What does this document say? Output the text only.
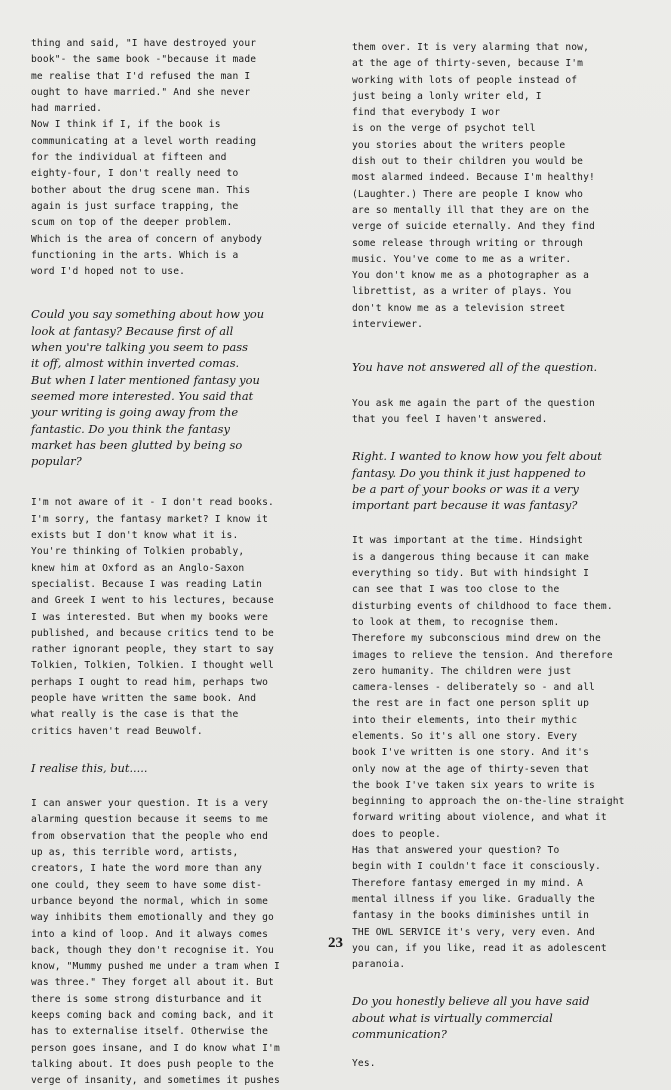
thing and said, "I have destroyed your
book"- the same book -"because it made
me realise that I'd refused the man I
ought to have married." And she never
had married.
Now I think if I, if the book is
communicating at a level worth reading
for the individual at fifteen and
eighty-four, I don't really need to
bother about the drug scene man. This
again is just surface trapping, the
scum on top of the deeper problem.
Which is the area of concern of anybody
functioning in the arts. Which is a
word I'd hoped not to use.

Could you say something about how you
look at fantasy? Because first of all
when you're talking you seem to pass
it off, almost within inverted comas.
But when I later mentioned fantasy you
seemed more interested. You said that
your writing is going away from the
fantastic. Do you think the fantasy
market has been glutted by being so
popular?

I'm not aware of it - I don't read books.
I'm sorry, the fantasy market? I know it
exists but I don't know what it is.
You're thinking of Tolkien probably,
knew him at Oxford as an Anglo-Saxon
specialist. Because I was reading Latin
and Greek I went to his lectures, because
I was interested. But when my books were
published, and because critics tend to be
rather ignorant people, they start to say
Tolkien, Tolkien, Tolkien. I thought well
perhaps I ought to read him, perhaps two
people have written the same book. And
what really is the case is that the
critics haven't read Beuwolf.

I realise this, but.....

I can answer your question. It is a very
alarming question because it seems to me
from observation that the people who end
up as, this terrible word, artists,
creators, I hate the word more than any
one could, they seem to have some dist-
urbance beyond the normal, which in some
way inhibits them emotionally and they go
into a kind of loop. And it always comes
back, though they don't recognise it. You
know, "Mummy pushed me under a tram when I
was three." They forget all about it. But
there is some strong disturbance and it
keeps coming back and coming back, and it
has to externalise itself. Otherwise the
person goes insane, and I do know what I'm
talking about. It does push people to the
verge of insanity, and sometimes it pushes

them over. It is very alarming that now,
at the age of thirty-seven, because I'm
working with lots of people instead of
just being a lonly writer eld, I
find that everybody I wor
is on the verge of psychot tell
you stories about the writers people
dish out to their children you would be
most alarmed indeed. Because I'm healthy!
(Laughter.) There are people I know who
are so mentally ill that they are on the
verge of suicide eternally. And they find
some release through writing or through
music. You've come to me as a writer.
You don't know me as a photographer as a
librettist, as a writer of plays. You
don't know me as a television street
interviewer.

You have not answered all of the question.

You ask me again the part of the question
that you feel I haven't answered.

Right. I wanted to know how you felt about
fantasy. Do you think it just happened to
be a part of your books or was it a very
important part because it was fantasy?

It was important at the time. Hindsight
is a dangerous thing because it can make
everything so tidy. But with hindsight I
can see that I was too close to the
disturbing events of childhood to face them.
to look at them, to recognise them.
Therefore my subconscious mind drew on the
images to relieve the tension. And therefore
zero humanity. The children were just
camera-lenses - deliberately so - and all
the rest are in fact one person split up
into their elements, into their mythic
elements. So it's all one story. Every
book I've written is one story. And it's
only now at the age of thirty-seven that
the book I've taken six years to write is
beginning to approach the on-the-line straight
forward writing about violence, and what it
does to people.
Has that answered your question? To
begin with I couldn't face it consciously.
Therefore fantasy emerged in my mind. A
mental illness if you like. Gradually the
fantasy in the books diminishes until in
THE OWL SERVICE it's very, very even. And
you can, if you like, read it as adolescent
paranoia.

Do you honestly believe all you have said
about what is virtually commercial
communication?

Yes.

23
